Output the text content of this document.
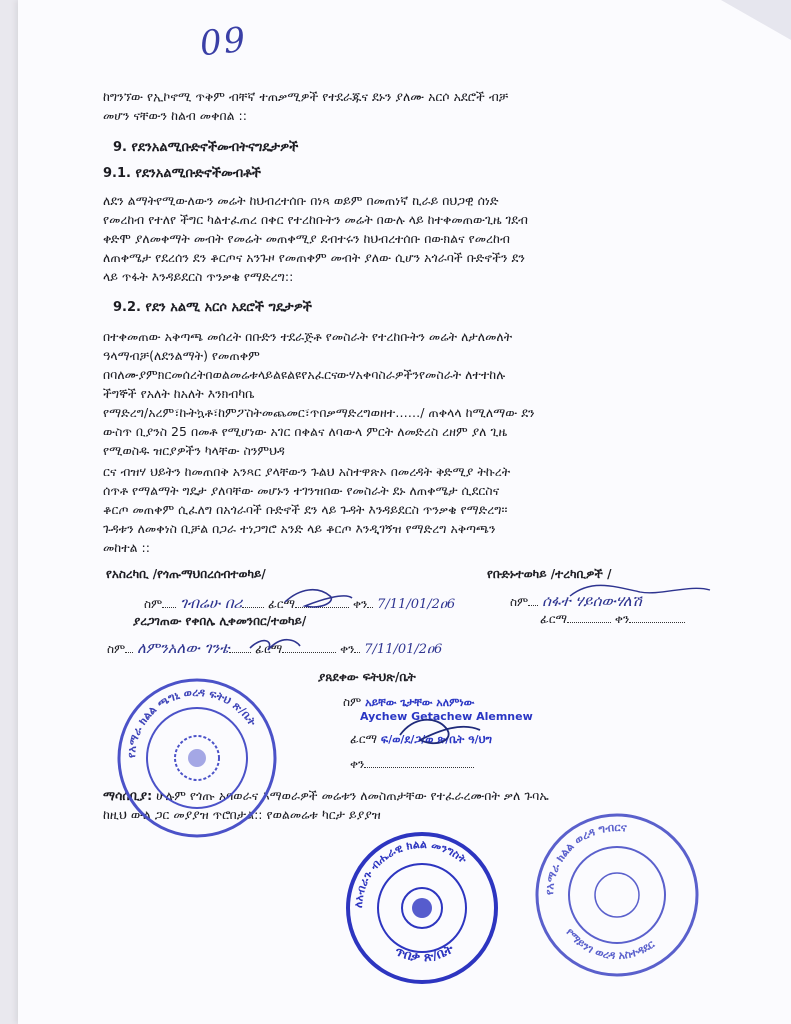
09
ከግንኘው የኢኮኖሚ ጥቅም ብቸኛ ተጠቃሚዎች የተደራጁና ደኑን ያለሙ አርሶ አደሮች ብቻ
መሆን ናቸውን ከልብ መቀበል ::
9. የደንአልሚቡድኖችመብትናግዴታዎች
9.1. የደንአልሚቡድኖችመብቶች
ለደን ልማትየሚውለውን መሬት ከህብረተሰቡ በነጻ ወይም በመጠነኛ ኪራይ በህጋዊ ሰነድ
የመረከብ የተለየ ችግር ካልተፈጠረ በቀር የተረከቡትን መሬት በውሉ ላይ ከተቀመጠውጊዜ ገደብ
ቀድሞ ያለመቀማት መብት የመሬት መጠቀሚያ ደብተሩን ከህብረተሰቡ በውክልና የመረከብ
ለጠቀሜታ የደረሰን ደን ቆርጦና አንጉዞ የመጠቀም መብት ያለው ሲሆን አጎራባች ቡድኖችን ደን
ላይ ጥፋት እንዳይደርስ ጥንቃቄ የማድረግ::
9.2. የደን አልሚ አርሶ አደሮች ግዴታዎች
በተቀመጠው አቅጣጫ መሰረት በቡድን ተደራጅቶ የመስራት የተረከቡትን መሬት ለታለመለት
ዓላማብቻ(ለደንልማት) የመጠቀም
በባለሙያምክርመሰረትበወልመሬቱላይልዩልዩየአፈርናውሃአቀባስራዎችንየመስራት ለተተከሉ
ችግኞች የአለት ከአለት እንክብካቤ
የማድረግ/አረም፣ኩትኳቶ፣ከምፖስትመጨመር፣ጥበቃማድረግወዘተ……/ ጠቀላላ ከሚለማው ደን
ውስጥ ቢያንስ 25 በመቶ የሚሆነው አገር በቀልና ለባውላ ምርት ለመድረስ ረዘም ያለ ጊዜ
የሚወስዱ ዝርያዎችን ካላቸው ስንምህዳ
ርና ብዝሃ ህይትን ከመጠበቅ አንጻር ያላቸውን ጉልህ አስተዋጽኦ በመረዳት ቅድሚያ ትኩረት
ሰጥቶ የማልማት ግዴታ ያለባቸው መሆኑን ተገንዝበው የመስራት ደኑ ለጠቀሜታ ሲደርስና
ቆርጦ መጠቀም ሲፈለግ በአጎራባች ቡድኖች ደን ላይ ጉዳት እንዳይደርስ ጥንቃቄ የማድረግ፡፡
ጉዳቱን ለመቀነስ ቢቻል በጋራ ተነጋግሮ አንድ ላይ ቆርጦ እንዲገኝዝ የማድረግ አቅጣጫን
መከተል ::
የአስረካቢ /የጎጡማህበረሰብተወካይ/	የቡድኑተወካይ /ተረካቢዎች /
ስም ገብሬሁ በሪ ፊርማ	ቀን 7/11/01/2ዐ6	ስም ሰፋተ ሃይሰውሃለሽ
ፊርማ	ቀን
ያረጋገጠው የቀበሌ ሊቀመንበር/ተወካይ/
ስም ለምንአለው ገንቴ ፊርማ	ቀን 7/11/01/2ዐ6
ያጸደቀው ፍትህጽ/ቤት
ስም አይቸው ጌታቸው አለምነው
Aychew Getachew Alemnew
ፊርማ ፍ/ወ/ደ/ጋ/ወ ጽ/ቤት ዓ/ህግ
ቀን
ማሳሰቢያ: ሁሉም የጎጡ አባወራና እማወራዎች መሬቱን ለመስጠታቸው የተፈራረሙበት ቃለ ጉባኤ
ከዚህ ውል ጋር መያያዝ ጥሮበታል:: የወልመሬቱ ካርታ ይያያዝ
የአማራ ክልል ጫግኒ ወረዳ ፍትህ ጽ/ቤት
ለአብራጉ ብሔራዊ ክልል መንግስት
ጥበቃ ጽ/ቤት
የአማራ ክልል ወረዳ ግብርና
የማይንገ ወረዳ አስተዳደር
